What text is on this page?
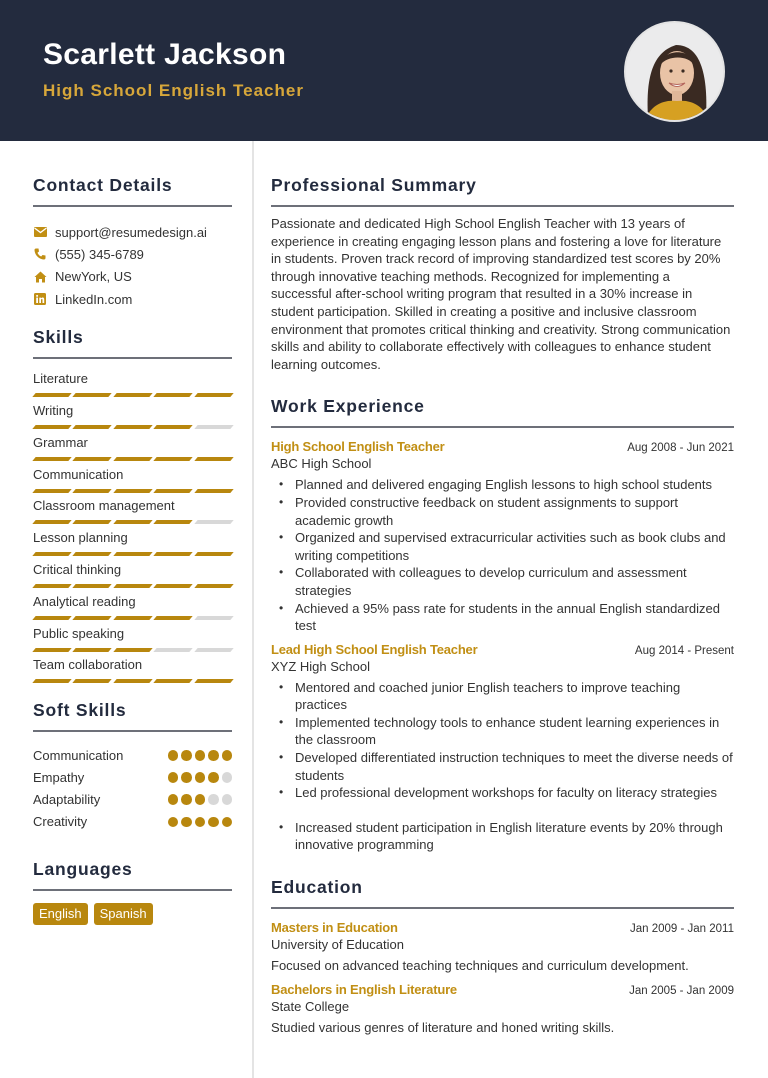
Scarlett Jackson
High School English Teacher
Contact Details
support@resumedesign.ai
(555) 345-6789
NewYork, US
LinkedIn.com
Skills
Literature
Writing
Grammar
Communication
Classroom management
Lesson planning
Critical thinking
Analytical reading
Public speaking
Team collaboration
Soft Skills
Communication
Empathy
Adaptability
Creativity
Languages
English	Spanish
Professional Summary
Passionate and dedicated High School English Teacher with 13 years of experience in creating engaging lesson plans and fostering a love for literature in students. Proven track record of improving standardized test scores by 20% through innovative teaching methods. Recognized for implementing a successful after-school writing program that resulted in a 30% increase in student participation. Skilled in creating a positive and inclusive classroom environment that promotes critical thinking and creativity. Strong communication skills and ability to collaborate effectively with colleagues to enhance student learning outcomes.
Work Experience
High School English Teacher	Aug 2008 - Jun 2021
ABC High School
• Planned and delivered engaging English lessons to high school students
• Provided constructive feedback on student assignments to support academic growth
• Organized and supervised extracurricular activities such as book clubs and writing competitions
• Collaborated with colleagues to develop curriculum and assessment strategies
• Achieved a 95% pass rate for students in the annual English standardized test
Lead High School English Teacher	Aug 2014 - Present
XYZ High School
• Mentored and coached junior English teachers to improve teaching practices
• Implemented technology tools to enhance student learning experiences in the classroom
• Developed differentiated instruction techniques to meet the diverse needs of students
• Led professional development workshops for faculty on literacy strategies
• Increased student participation in English literature events by 20% through innovative programming
Education
Masters in Education	Jan 2009 - Jan 2011
University of Education
Focused on advanced teaching techniques and curriculum development.
Bachelors in English Literature	Jan 2005 - Jan 2009
State College
Studied various genres of literature and honed writing skills.
